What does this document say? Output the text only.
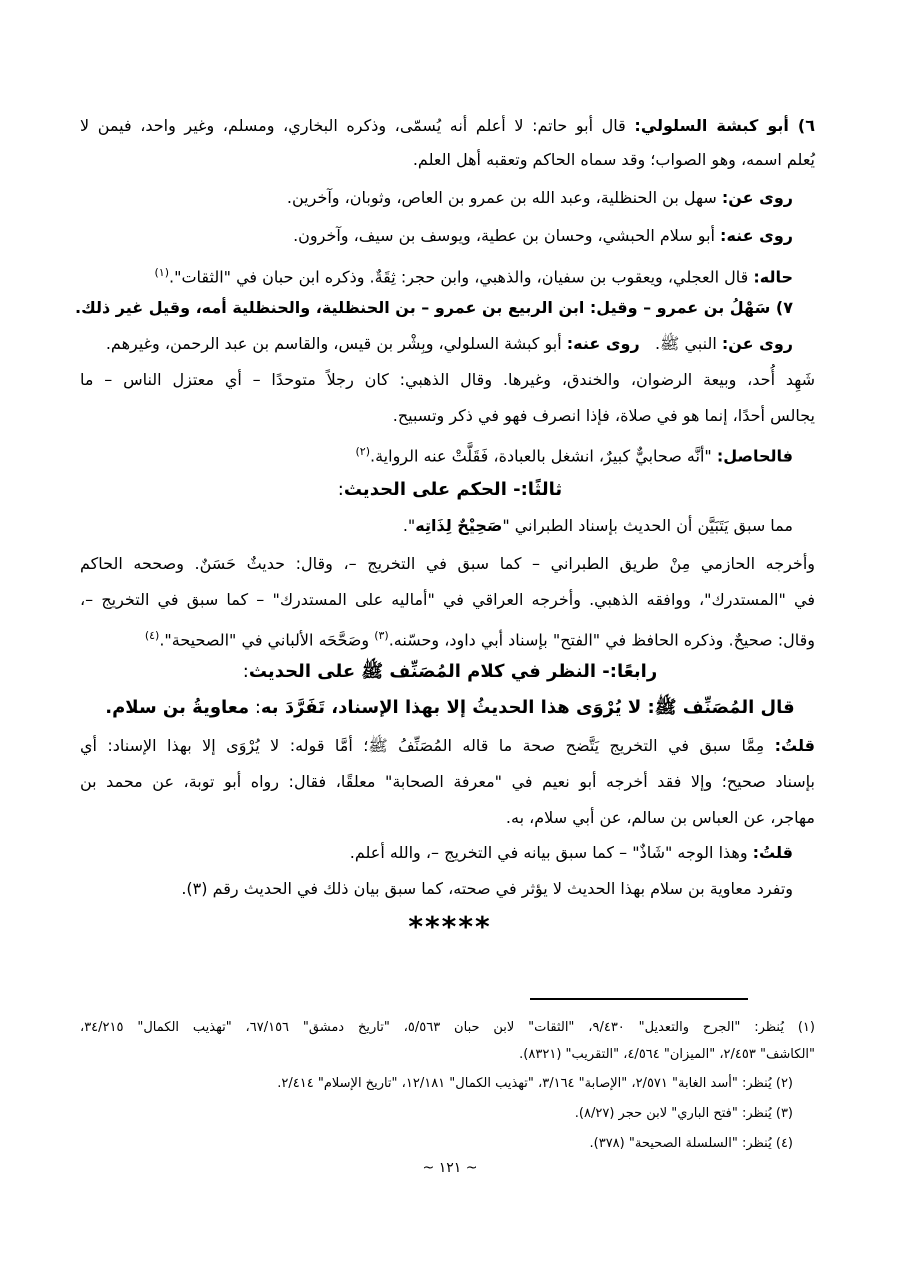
٦) أبو كبشة السلولي: قال أبو حاتم: لا أعلم أنه يُسمّى، وذكره البخاري، ومسلم، وغير واحد، فيمن لا
يُعلم اسمه، وهو الصواب؛ وقد سماه الحاكم وتعقبه أهل العلم.
روى عن: سهل بن الحنظلية، وعبد الله بن عمرو بن العاص، وثوبان، وآخرين.
روى عنه: أبو سلام الحبشي، وحسان بن عطية، ويوسف بن سيف، وآخرون.
حاله: قال العجلي، ويعقوب بن سفيان، والذهبي، وابن حجر: ثِقَةٌ. وذكره ابن حبان في "الثقات".$^{(١)}$
٧) سَهْلُ بن عمرو – وقيل: ابن الربيع بن عمرو – بن الحنظلية، والحنظلية أمه، وقيل غير ذلك.
روى عن: النبي ﷺ.   روى عنه: أبو كبشة السلولي، وبِشْر بن قيس، والقاسم بن عبد الرحمن، وغيرهم.
شَهِد أُحد، وبيعة الرضوان، والخندق، وغيرها. وقال الذهبي: كان رجلاً متوحدًا – أي معتزل الناس – ما
يجالس أحدًا، إنما هو في صلاة، فإذا انصرف فهو في ذكر وتسبيح.
فالحاصل: "أنَّه صحابيٌّ كبيرٌ، انشغل بالعبادة، فَقَلَّتْ عنه الرواية.$^{(٢)}$
ثالثًا:- الحكم على الحديث:
مما سبق يَتَبَيَّن أن الحديث بإسناد الطبراني "صَحِيْحٌ لِذَاتِه".
وأخرجه الحازمي مِنْ طريق الطبراني – كما سبق في التخريج –، وقال: حديثٌ حَسَنٌ. وصححه الحاكم
في "المستدرك"، ووافقه الذهبي. وأخرجه العراقي في "أماليه على المستدرك" – كما سبق في التخريج –،
وقال: صحيحٌ. وذكره الحافظ في "الفتح" بإسناد أبي داود، وحسّنه.$^{(٣)}$ وصَحَّحَه الألباني في "الصحيحة".$^{(٤)}$
رابعًا:- النظر في كلام المُصَنِّف ﷺ على الحديث:
قال المُصَنِّف ﷺ: لا يُرْوَى هذا الحديثُ إلا بهذا الإسناد، تَفَرَّدَ به: معاويةُ بن سلام.
قلتُ: مِمَّا سبق في التخريج يَتَّضح صحة ما قاله المُصَنِّفُ ﷺ؛ أمَّا قوله: لا يُرْوَى إلا بهذا الإسناد: أي
بإسناد صحيح؛ وإلا فقد أخرجه أبو نعيم في "معرفة الصحابة" معلقًا، فقال: رواه أبو توبة، عن محمد بن
مهاجر، عن العباس بن سالم، عن أبي سلام، به.
قلتُ: وهذا الوجه "شَاذٌ" – كما سبق بيانه في التخريج –، والله أعلم.
وتفرد معاوية بن سلام بهذا الحديث لا يؤثر في صحته، كما سبق بيان ذلك في الحديث رقم (٣).
*****
(١) يُنظر: "الجرح والتعديل" ٩/٤٣٠، "الثقات" لابن حبان ٥/٥٦٣، "تاريخ دمشق" ٦٧/١٥٦، "تهذيب الكمال" ٣٤/٢١٥،
"الكاشف" ٢/٤٥٣، "الميزان" ٤/٥٦٤، "التقريب" (٨٣٢١).
(٢) يُنظر: "أسد الغابة" ٢/٥٧١، "الإصابة" ٣/١٦٤، "تهذيب الكمال" ١٢/١٨١، "تاريخ الإسلام" ٢/٤١٤.
(٣) يُنظر: "فتح الباري" لابن حجر (٨/٢٧).
(٤) يُنظر: "السلسلة الصحيحة" (٣٧٨).
~ ١٢١ ~
